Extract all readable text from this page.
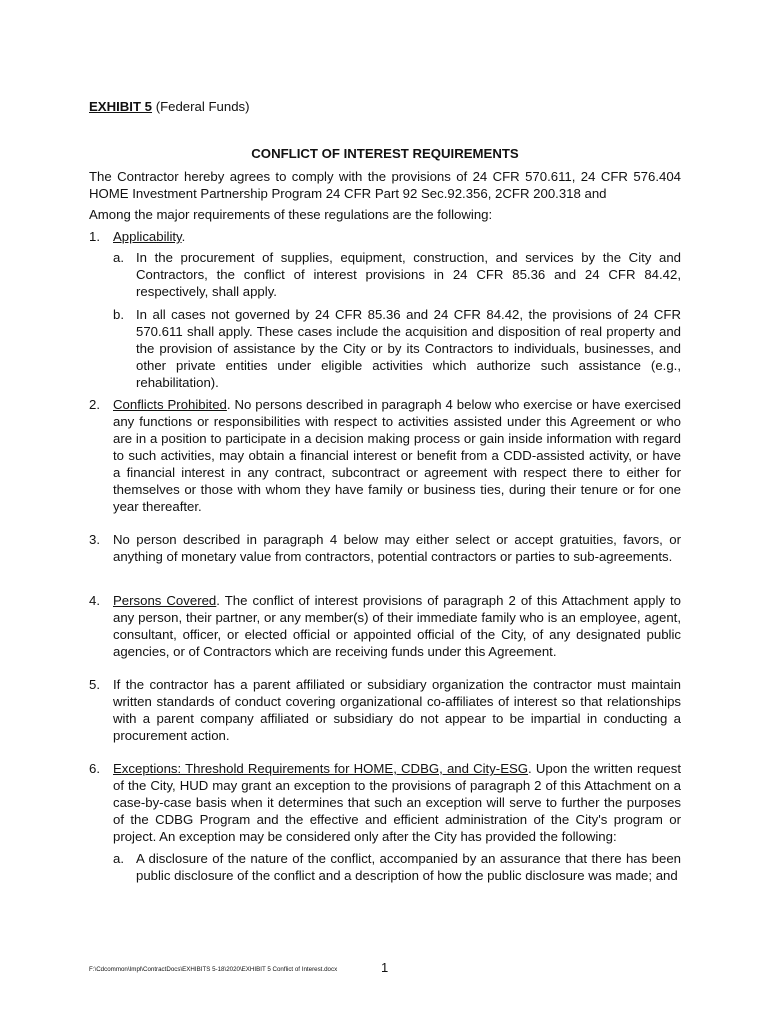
EXHIBIT 5 (Federal Funds)
CONFLICT OF INTEREST REQUIREMENTS

The Contractor hereby agrees to comply with the provisions of 24 CFR 570.611, 24 CFR 576.404 HOME Investment Partnership Program 24 CFR Part 92 Sec.92.356, 2CFR 200.318 and

Among the major requirements of these regulations are the following:

1. Applicability.
a. In the procurement of supplies, equipment, construction, and services by the City and Contractors, the conflict of interest provisions in 24 CFR 85.36 and 24 CFR 84.42, respectively, shall apply.
b. In all cases not governed by 24 CFR 85.36 and 24 CFR 84.42, the provisions of 24 CFR 570.611 shall apply. These cases include the acquisition and disposition of real property and the provision of assistance by the City or by its Contractors to individuals, businesses, and other private entities under eligible activities which authorize such assistance (e.g., rehabilitation).
2. Conflicts Prohibited. No persons described in paragraph 4 below who exercise or have exercised any functions or responsibilities with respect to activities assisted under this Agreement or who are in a position to participate in a decision making process or gain inside information with regard to such activities, may obtain a financial interest or benefit from a CDD-assisted activity, or have a financial interest in any contract, subcontract or agreement with respect there to either for themselves or those with whom they have family or business ties, during their tenure or for one year thereafter.
3. No person described in paragraph 4 below may either select or accept gratuities, favors, or anything of monetary value from contractors, potential contractors or parties to sub-agreements.
4. Persons Covered. The conflict of interest provisions of paragraph 2 of this Attachment apply to any person, their partner, or any member(s) of their immediate family who is an employee, agent, consultant, officer, or elected official or appointed official of the City, of any designated public agencies, or of Contractors which are receiving funds under this Agreement.
5. If the contractor has a parent affiliated or subsidiary organization the contractor must maintain written standards of conduct covering organizational co-affiliates of interest so that relationships with a parent company affiliated or subsidiary do not appear to be impartial in conducting a procurement action.
6. Exceptions: Threshold Requirements for HOME, CDBG, and City-ESG. Upon the written request of the City, HUD may grant an exception to the provisions of paragraph 2 of this Attachment on a case-by-case basis when it determines that such an exception will serve to further the purposes of the CDBG Program and the effective and efficient administration of the City's program or project. An exception may be considered only after the City has provided the following:
a. A disclosure of the nature of the conflict, accompanied by an assurance that there has been public disclosure of the conflict and a description of how the public disclosure was made; and
F:\Cdcommon\Impl\ContractDocs\EXHIBITS 5-18\2020\EXHIBIT 5 Conflict of Interest.docx	1
